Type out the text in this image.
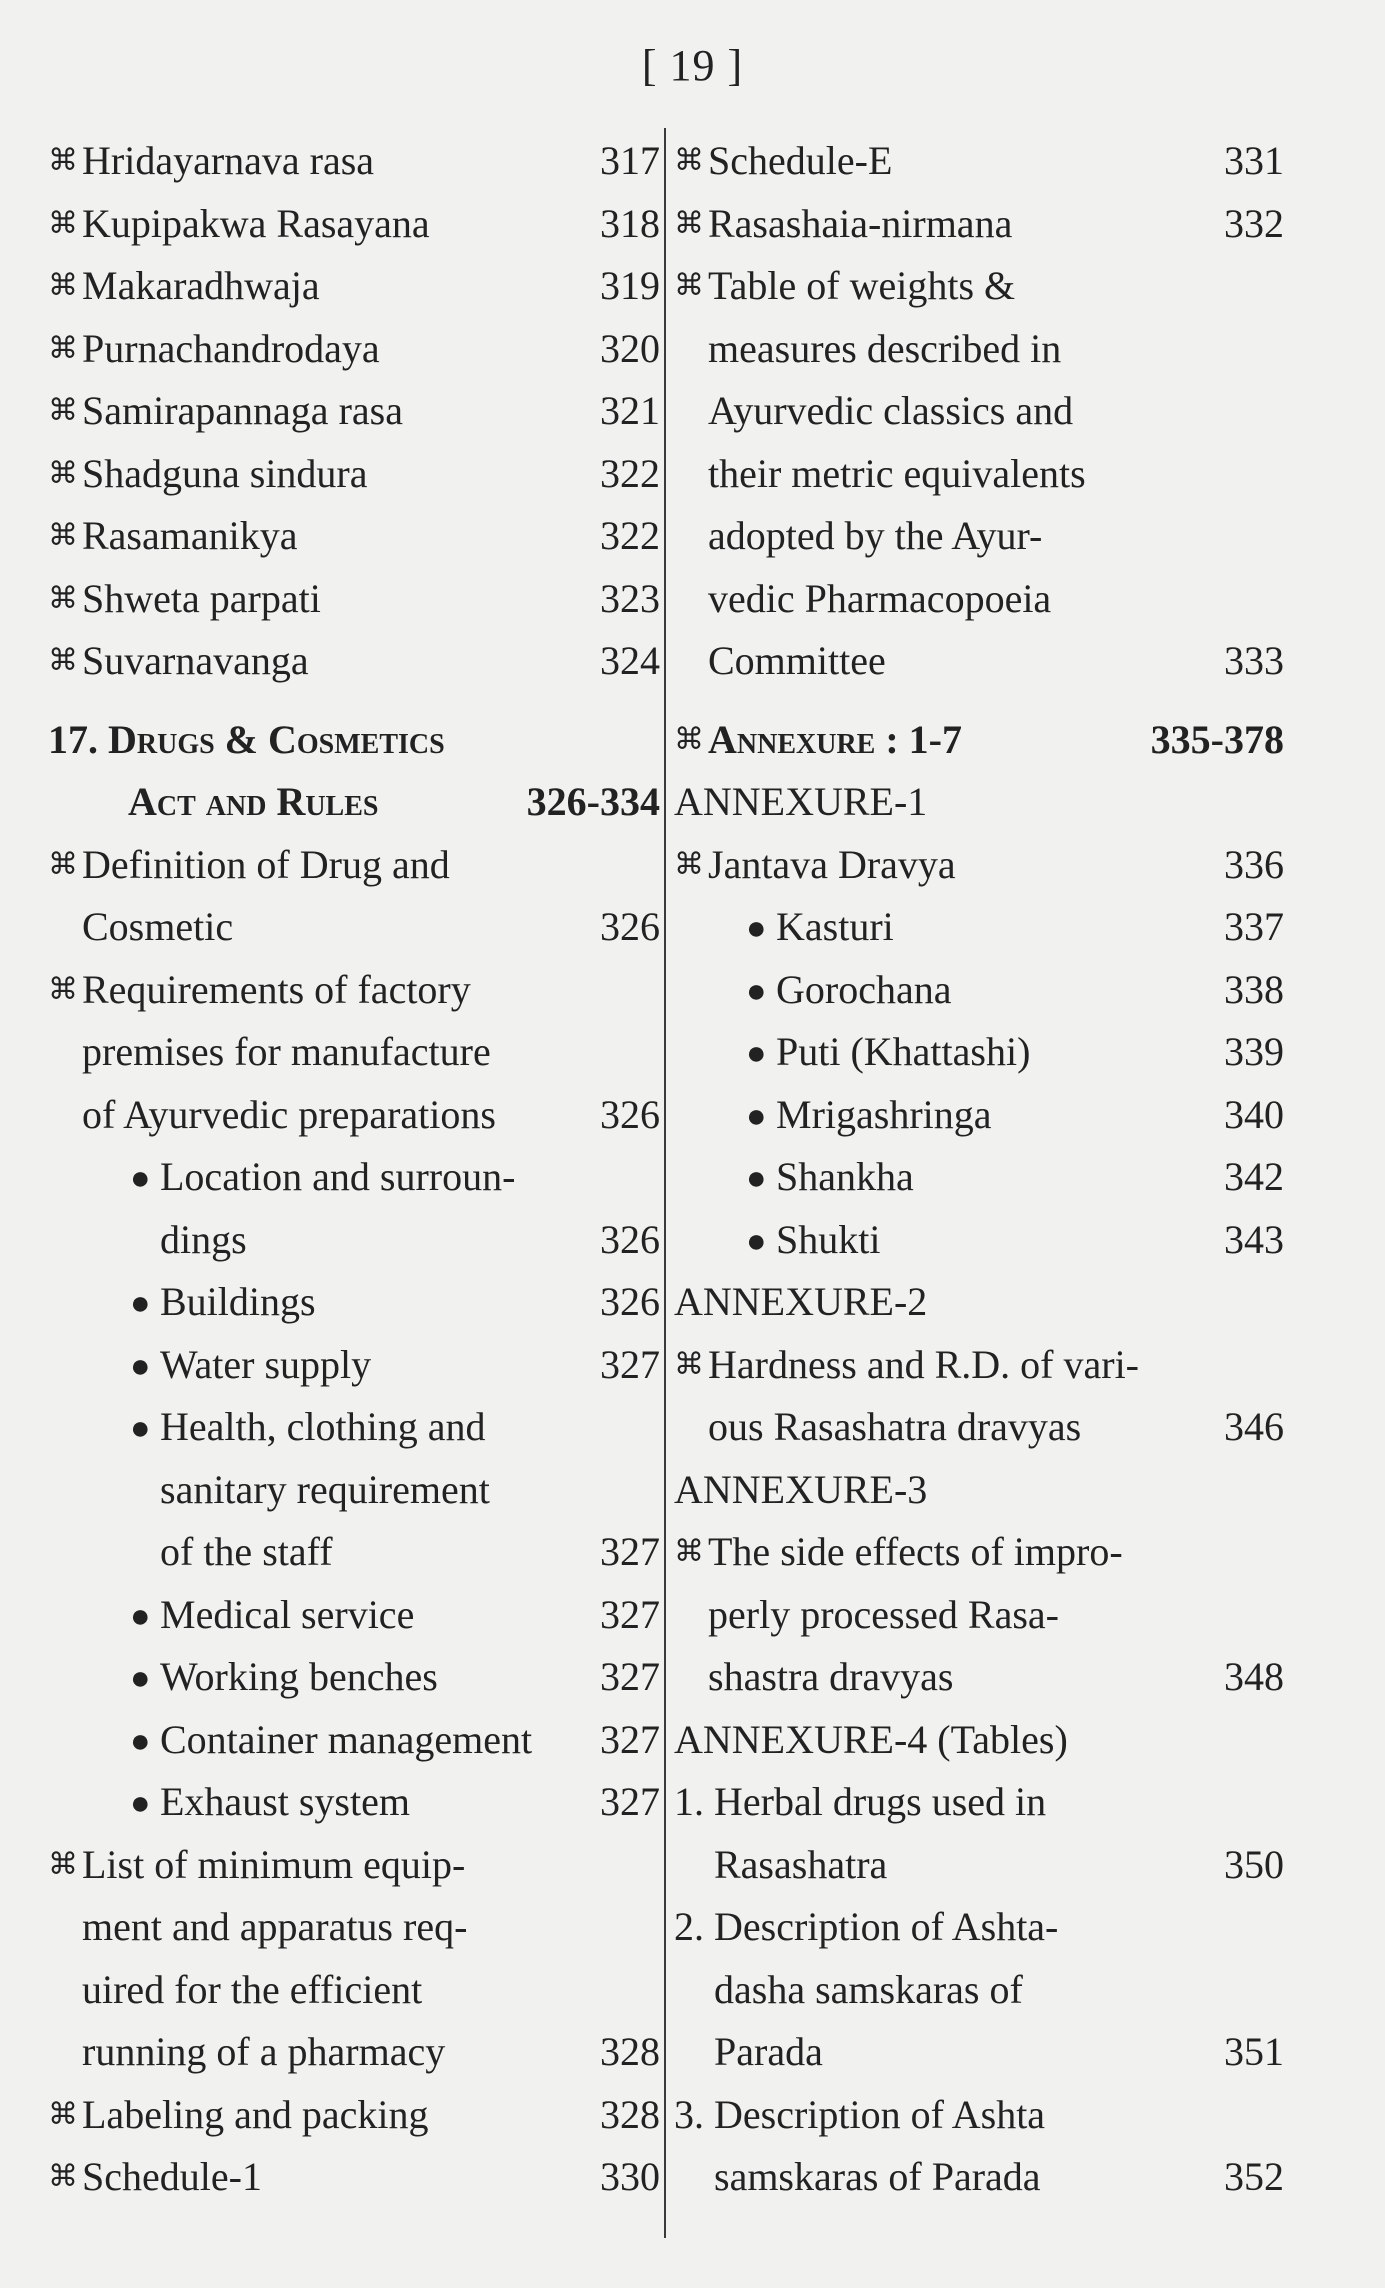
[ 19 ]
⌘ Hridayarnava rasa	317
⌘ Kupipakwa Rasayana	318
⌘ Makaradhwaja	319
⌘ Purnachandrodaya	320
⌘ Samirapannaga rasa	321
⌘ Shadguna sindura	322
⌘ Rasamanikya	322
⌘ Shweta parpati	323
⌘ Suvarnavanga	324
17. Drugs & Cosmetics
Act and Rules	326-334
⌘ Definition of Drug and
Cosmetic	326
⌘ Requirements of factory
premises for manufacture
of Ayurvedic preparations	326
● Location and surroun-
dings	326
● Buildings	326
● Water supply	327
● Health, clothing and
sanitary requirement
of the staff	327
● Medical service	327
● Working benches	327
● Container management 327
● Exhaust system	327
⌘ List of minimum equip-
ment and apparatus req-
uired for the efficient
running of a pharmacy	328
⌘ Labeling and packing	328
⌘ Schedule-1	330
⌘ Schedule-E	331
⌘ Rasashaia-nirmana	332
⌘ Table of weights &
measures described in
Ayurvedic classics and
their metric equivalents
adopted by the Ayur-
vedic Pharmacopoeia
Committee	333
⌘ Annexure : 1-7	335-378
ANNEXURE-1
⌘ Jantava Dravya	336
● Kasturi	337
● Gorochana	338
● Puti (Khattashi)	339
● Mrigashringa	340
● Shankha	342
● Shukti	343
ANNEXURE-2
⌘ Hardness and R.D. of vari-
ous Rasashatra dravyas	346
ANNEXURE-3
⌘ The side effects of impro-
perly processed Rasa-
shastra dravyas	348
ANNEXURE-4 (Tables)
1. Herbal drugs used in
Rasashatra	350
2. Description of Ashta-
dasha samskaras of
Parada	351
3. Description of Ashta
samskaras of Parada	352
